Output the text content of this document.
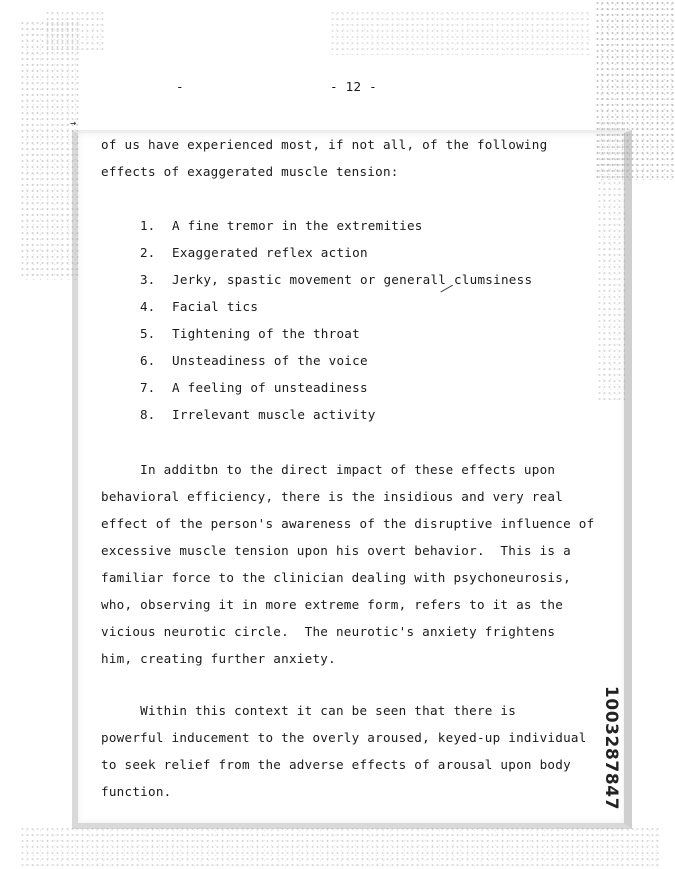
-	- 12 -
→
of us have experienced most, if not all, of the following
effects of exaggerated muscle tension:
1. A fine tremor in the extremities
2. Exaggerated reflex action
3. Jerky, spastic movement or generall clumsiness
4. Facial tics
5. Tightening of the throat
6. Unsteadiness of the voice
7. A feeling of unsteadiness
8. Irrelevant muscle activity
In additbn to the direct impact of these effects upon
behavioral efficiency, there is the insidious and very real
effect of the person's awareness of the disruptive influence of
excessive muscle tension upon his overt behavior.  This is a
familiar force to the clinician dealing with psychoneurosis,
who, observing it in more extreme form, refers to it as the
vicious neurotic circle.  The neurotic's anxiety frightens
him, creating further anxiety.
Within this context it can be seen that there is
powerful inducement to the overly aroused, keyed-up individual
to seek relief from the adverse effects of arousal upon body
function.	1003287847
